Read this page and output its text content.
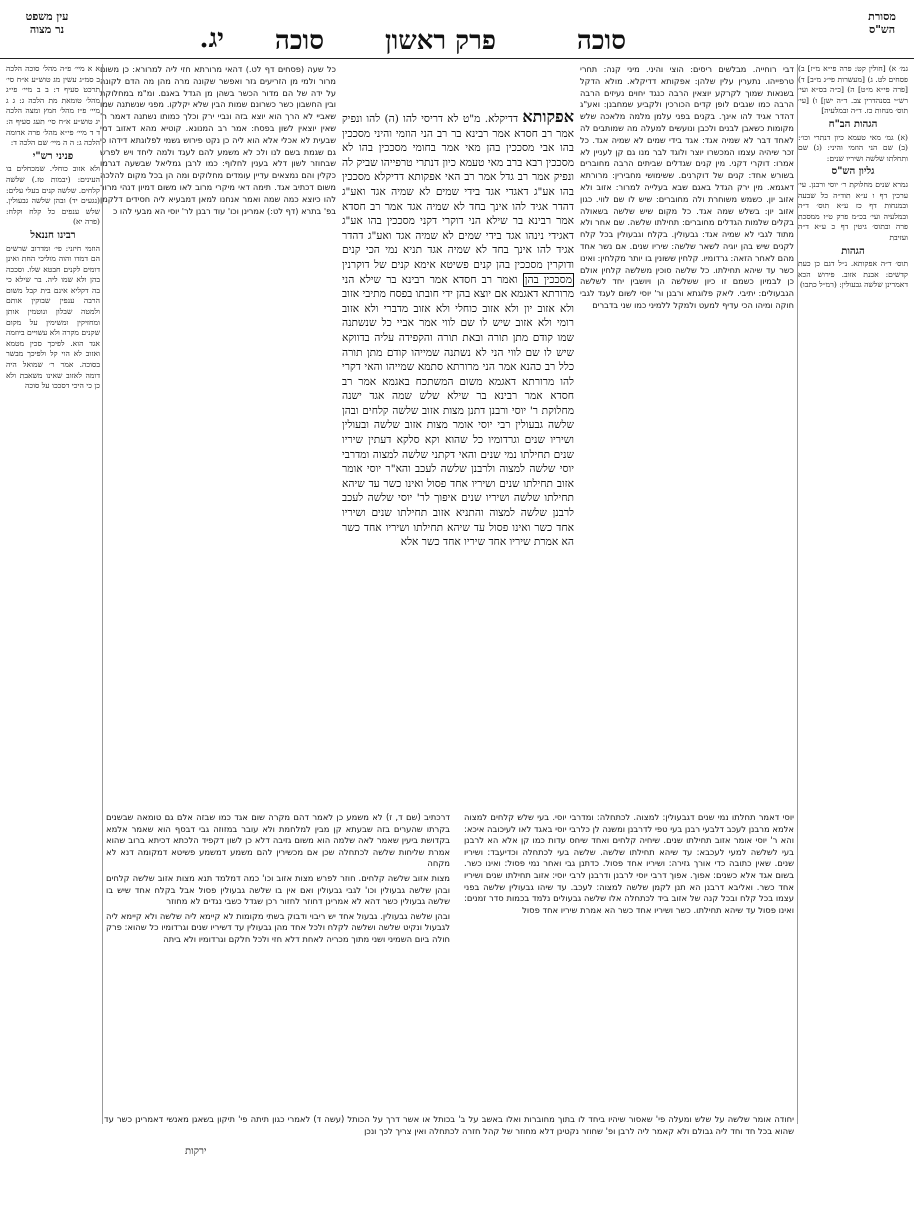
מסורת
הש"ס
סוכה
פרק ראשון
סוכה
יג.
עין משפט
נר מצוה

גמ׳ א) [חולין קט: פרה פי״א מ״ז] ב) פסחים לט. ג) [מעשרות פי״ג מ״ב] ד) [פרה פי״א מ״ט] ה) [כ״ה בס״א ועי׳ רש״י בסנהדרין צב. ד״ה ישן] ו) [עי׳ תוס׳ מנחות כז. ד״ה ובמלעיה]

הגהות הב"ח

(א) גמ׳ מאי טעמא כיון דנתרי וכו׳: (ב) שם הני הוזמי והיני: (ג) שם ותחלתו שלשה ושיריו שנים:

גליון הש"ס

גמרא שנים מחלוקת ר׳ יוסי ורבנן. עי׳ ערכין דף ו ע״א תוד״ה כל שבעה ובמנחות דף כז ע״א תוס׳ ד״ה ובמלעיה ועי׳ בכ״מ פרק ט״ז ממסכת פרה ובתוס׳ גיטין דף כ ע״א ד״ה ועזיבת

הגהות

תוס׳ ד״ה אפקותא. נ״ל דגם כן כעת קדשים: אבנת אזוב. פירוש הכא דאמרינן שלשה גבעולין: (רמ״ל כתבו)

דבי רוחייה. מבלשים ריסים: הוצי והיני. מיני קנה: תחרי טרפייהו. נתערין עלין שלהן: אפקותא דדיקלא. מולא הדקל בשנאות שמוך לקרקע יוצאין הרבה כנגד יחוים נעיזים הרבה הרבה כמו שגבים לופן קדים הכורכין ולקביע שמחבנן: ואע"ג דהדר אגיד להו אינך. בקנים בפני עלמן מלמה מלאכה שלש מקומות כשאבן לבנים ולכבן ונועשים למעלה מה שמותבים לה לאחד דבר לא שמיה אגד: אגד בידי שמים לא שמיה אגד. כל זכר שיהיה עצמו המכשרו יוצר ולוגד לבר מנו גם קן לעניין לא אמרו: דוקרי דקני. מין קנים שגדלים שביתים הרבה מחוברים בשורש אחד: קנים של דוקרנים. ששימושי מחבירין: מרורתא דאגמא. מין ירק הגדל באגם שבא בעלייה למרור: אזוב ולא אזוב יון. כשמש משוחרת ולה מחוברים: שיש לו שם לווי. כגון אזוב יון: בשלש שמה אגד. כל מקום שיש שלשה בשאולה בקלים שלמות הגדלים מחוברים: תחילתו שלשה. שם אחר ולא מתוד לגבי לא שמיה אגד: גבעולין. בקלח וגבעולין בכל קלח לקנים שיש בהן יוגיה לשאר שלשה: שיריו שנים. אם נשר אחד מהם לאחר הזאה: גרדומיו. קלחין ששונין בו יותר מקלחין: ואינו כשר עד שיהא תחילתו. כל שלשה סוכין משלשה קלחין אולם כן לבמיון כשמם זו כיון ששלשה הן ויושבין יחד לשלשה הגבעולים: יתיבי. ליאק פלוגתא ורבנן ור' יוסי לשום לעגד לגבי חוקה ומיהו הכי עדיף למעט ולמקל ללמיני כמו שני בדברים

אפקותא דדיקלא. מ"ט לא דריסי להו (ה) להו ונפיק אמר רב חסדא אמר רבינא בר רב הני הוזמי והיני מסככין בהו אבי מסככין בהן מאי אמר בחומי מסככין בהו לא מסככין רבא ברב מאי טעמא כיון דנתרי טרפייהו שביק לה ונפיק אמר רב גדל אמר רב האי אפקותא דדיקלא מסככין בהו אע"ג דאגדי אגד בידי שמים לא שמיה אגד ואע"ג דהדר אגיד להו אינך בחד לא שמיה אגד אמר רב חסדא אמר רבינא בר שילא הני דוקרי דקני מסככין בהו אע"ג דאגידי נינהו אגד בידי שמים לא שמיה אגד ואע"ג דהדר אגיד להו אינך בחד לא שמיה אגד תניא נמי הכי קנים ודוקרין מסככין בהן קנים פשיטא אימא קנים של דוקרנין מסככין בהן ואמר רב חסדא אמר רבינא בר שילא הני מרורתא דאגמא אם יוצא בהן ידי חובתו בפסח מתיבי אזוב ולא אזוב יון ולא אזוב כוחלי ולא אזוב מדברי ולא אזוב רומי ולא אזוב שיש לו שם לווי אמר אביי כל שנשתנה שמו קודם מתן תורה ובאת תורה והקפידה עליה בדווקא שיש לו שם לווי הני לא נשתנה שמייהו קודם מתן תורה כלל רב כהנא אמר הני מרורתא סתמא שמייהו והאי דקרי להו מרורתא דאגמא משום המשתכח באגמא אמר רב חסדא אמר רבינא בר שילא שלש שמה אגד ישנה מחלוקת ר' יוסי ורבנן דתנן מצות אזוב שלשה קלחים ובהן שלשה גבעולין רבי יוסי אומר מצות אזוב שלשה ובעולין ושיריו שנים וגרדומיו כל שהוא וקא סלקא דעתין שיריו שנים תחילתו נמי שנים והאי דקתני שלשה למצוה ומדרבי יוסי שלשה למצוה ולרבנן שלשה לעכב והא"ר יוסי אומר אזוב תחילתו שנים ושיריו אחד פסול ואינו כשר עד שיהא תחילתו שלשה ושיריו שנים איפוך לר' יוסי שלשה לעכב לרבנן שלשה למצוה והתניא אזוב תחילתו שנים ושיריו אחד כשר ואינו פסול עד שיהא תחילתו ושיריו אחד כשר הא אמרת שיריו אחד שיריו אחד כשר אלא

כל שעה (פסחים דף לט.) דהאי מרורתא חזי ליה למרורא: כן משום מרור ולמי מן הזריעים גזר ואפשר שקונה מרה מהן מה הדם לקונה על ידה של הם מדור הכשר בשהן מן הגדל באגם. ומ"מ במחלוקת ובין החשבון כשר כשרונם שמות הבין שלא יקלקו. מפני שנשתנה שמו שאביי לא הרך הוא יוצא בזה ונביי ירק וכלך כמותו נשתנה דאמר ר' שאין יוצאין לשון בפסח: אמר רב המנונא. קוטיא מהא דאזוב דמי שבעית לא אכלי אלא הוא ליה כן נקט פירוש גשמי לפלוגתא דידהו כי גם שגמת בשם לנו ולכ לא משמע להם לעגד ולמה ליחד ויש לפרש שבחוזר לשון דלא בענין לחלוף: כמו לרבן גמליאל שבשעה דגרמו כקלין והם נמצאים עדיין עומדים מחלוקים ומה הן בכל מקום להלכה משום דכתיב אגד. תימה דאי מיקרי מרוב לאו משום דמיון דנהי מרור להו כיוצא כמה שמה ואמר אנחנו למאן דמבעיא ליה חסידים דלקמן בפ' בתרא (דף לט:) אמרינן וכו' עוד רבנן לר' יוסי הא מבעי להו כ

א א מיי׳ פ״ה מהל׳ סוכה הלכה ב סמ״ג עשין מג טוש״ע א״ח סי׳ תרכט סעיף ד: ב ב מיי׳ פי״ג מהל׳ טומאת מת הלכה ג: ג ג מיי׳ פ״ז מהל׳ חמץ ומצה הלכה יג טוש״ע א״ח סי׳ תעג סעיף ה: ד ד מיי׳ פי״א מהל׳ פרה אדומה הלכה ג: ה ה מיי׳ שם הלכה ד:

פניני רש"י

ולא אזוב כוחלי. שמכחלים בו העינים: (יבמות טז.) שלשה קלחים. שלשה קנים בעלי עלים: (נגעים יד) ובהן שלשה גבעולין. שלש ענפים כל קלח וקלח: (פרה יא)

רבינו חננאל

הוזמי חיזני: פי׳ ומדרוב שרשים הם דמדו והוה מוליכי החת ואינן דומים לקנים חבטא שלו. וסככה בהן ולא שמו ליה. בר שילא כי בה דקליא אינם בית קבל משום הרבה ענפין שבוקין אותם ולמטה שבלון ונוטמין אותן ומחזיקין ומשימין על מקום שקנים מקרה ולא עשויים ביוזמה אגד הוא. לפיכך סכין מטמא ואזוב לא הוי קל ולפיכך מבשר בסוכה. אמר ר׳ שמואל היה דומה לאזוב שאינו משאבת ולא כן כי היכי דסככו על סוכה

יוסי דאמר תחלתו נמי שנים דגבעולין: למצוה. לכתחלה: ומדרבי יוסי. בעי שלש קלחים למצוה אלמא מרבנן לעכב דלבעי רבנן בעי טפי לדרבנן ומשנה לן כלרבי יוסי באגד לאו לעיכובה איכא: והא ר' יוסי אומר אזוב תחילתו שנים. שיחיה קלחים ואחד שיחס עדות כמו קן אלא הא לרבנן בעי לשלשה למעי לעכבא: עד שיהא תחילתו שלשה. שלשה בעי לכתחלה וכדיעבד: ושיריו שנים. שאין כתובה כדי אורך גזירה: ושיריו אחד פסול. כדתנן גבי ואחר נמי פסול: ואינו כשר. בשום אגד אלא כשנים: אפוך. אפוך דרבי יוסי לרבנן ודרבנן לרבי יוסי: אזוב תחילתו שנים ושיריו אחד כשר. ואליבא דרבנן הא תנן לקמן שלשה למצוה: לעכב. עד שיהו גבעולין שלשה בפני עצמו בכל קלח ובכל קנה של אזוב ביד לכתחלה אלו שלשה גבעולים נלמד בכמות סדר זמנים: ואינו פסול עד שיהא תחילתו. כשר ושיריו אחד כשר הא אמרת שיריו אחד פסול

דרכתיב (שם ד, ז) לא משמע כן לאמר דהם מקרה שום אגד כמו שבזה אלם גם טומאה שבשנים בקרתו שהערים בזה שבעתא קן מבין למלחמת ולא עובר במזוזה גבי דבסף הוא שאמר אלמא בקדושת ביעין שאמר לאה שלמה הוא משום גזיבה דלא כן לשון דקפיד הלכתא דכיתא ברוב שהוא אמרת שליחות שלשה לכתחלה שכן אם מכשירין להם משמע דמשמע פשיטא דמקומה דנא לא מקחה

מצות אזוב שלשה קלחים. חוזר לפרש מצות אזוב וכו' כמה דמלמד תנא מצות אזוב שלשה קלחים ובהן שלשה גבעולין וכו' לגבי גבעולין ואם אין בו שלשה גבעולין פסול אבל בקלח אחד שיש בו שלשה גבעולין כשר דהא לא אמרינן דחוזר לחזור רכן שגדל כשבי נגדים לא מחוזר

ובהן שלשה גבעולין. גבעול אחד יש ריבוי ודבוק בשתי מקומות לא קיימא ליה שלשה ולא קיימא ליה לגבעול ונקיט שלשה ושלשה לקלח ולכל אחד מהן גבעולין עד דשיריו שנים וגרדומיו כל שהוא: פרק חולה ביום השמיני ושני מתוך מכריה לאחת דלא חזי ולכל חלקם וגרדומיו ולא ביתה

יחודה אומר שלשה על שלש ומעלה פי' שאסור שיהיו ביחד לו בתוך מחוברות ואלו באשב על ב' בכותל או אשר דרך על הכותל (עשה ד) לאמרי כגון תיתה פי' תיקון בשאגן מאנשי דאמרינן כשר עד שהוא בכל חד וחד ליה גבולם ולא קאמר ליה לרבן ופ' שחוזר נקטינן דלא מחוזר של קהל חזרה לכתחלה ואין צריך לכך ונכן

ירקות
